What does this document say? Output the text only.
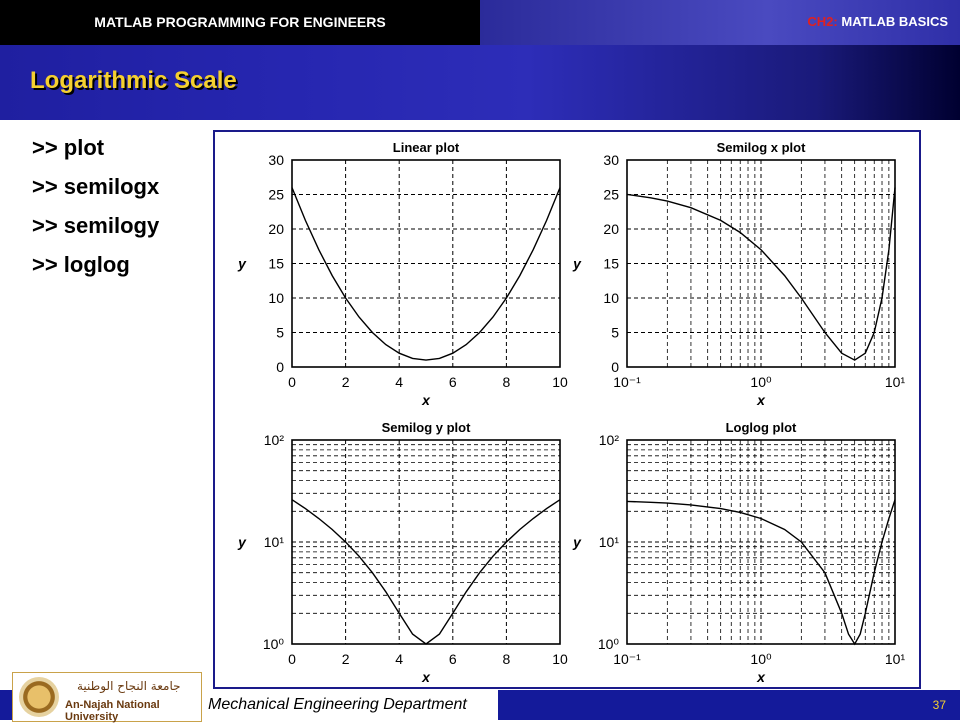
MATLAB PROGRAMMING FOR ENGINEERS	CH2: MATLAB BASICS
Logarithmic Scale
>> plot
>> semilogx
>> semilogy
>> loglog
0	2	4	6	8	10
0
5
10
15
20
25
30
x
y
Linear plot
10⁻¹	10⁰	10¹
0
5
10
15
20
25
30
x
y
Semilog x plot
0	2	4	6	8	10
10⁰
10¹
10²
x
y
Semilog y plot
10⁻¹	10⁰	10¹
10⁰
10¹
10²
x
y
Loglog plot
Mechanical Engineering Department	37
جامعة النجاح الوطنية
An-Najah National University
